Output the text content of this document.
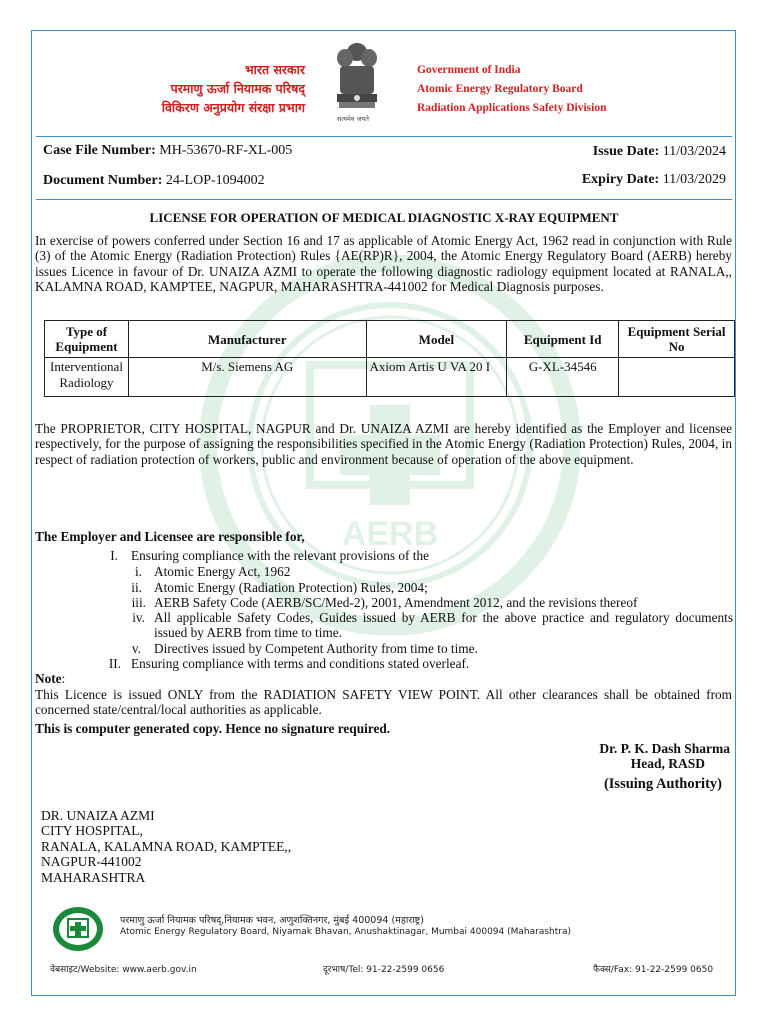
AERB
भारत सरकार
परमाणु ऊर्जा नियामक परिषद्
विकिरण अनुप्रयोग संरक्षा प्रभाग
सत्यमेव जयते
Government of India
Atomic Energy Regulatory Board
Radiation Applications Safety Division
Case File Number: MH-53670-RF-XL-005	Issue Date: 11/03/2024
Document Number: 24-LOP-1094002	Expiry Date: 11/03/2029
LICENSE FOR OPERATION OF MEDICAL DIAGNOSTIC X-RAY EQUIPMENT
In exercise of powers conferred under Section 16 and 17 as applicable of Atomic Energy Act, 1962 read in conjunction with Rule (3) of the Atomic Energy (Radiation Protection) Rules {AE(RP)R}, 2004, the Atomic Energy Regulatory Board (AERB) hereby issues Licence in favour of Dr. UNAIZA AZMI to operate the following diagnostic radiology equipment located at RANALA,, KALAMNA ROAD, KAMPTEE, NAGPUR, MAHARASHTRA-441002 for Medical Diagnosis purposes.
Type of Equipment	Manufacturer	Model	Equipment Id	Equipment Serial No
Interventional Radiology	M/s. Siemens AG	Axiom Artis U VA 20 I	G-XL-34546	
The PROPRIETOR, CITY HOSPITAL, NAGPUR and Dr. UNAIZA AZMI are hereby identified as the Employer and licensee respectively, for the purpose of assigning the responsibilities specified in the Atomic Energy (Radiation Protection) Rules, 2004, in respect of radiation protection of workers, public and environment because of operation of the above equipment.
The Employer and Licensee are responsible for,
I. Ensuring compliance with the relevant provisions of the
i. Atomic Energy Act, 1962
ii. Atomic Energy (Radiation Protection) Rules, 2004;
iii. AERB Safety Code (AERB/SC/Med-2), 2001, Amendment 2012, and the revisions thereof
iv. All applicable Safety Codes, Guides issued by AERB for the above practice and regulatory documents issued by AERB from time to time.
v. Directives issued by Competent Authority from time to time.
II. Ensuring compliance with terms and conditions stated overleaf.
Note:
This Licence is issued ONLY from the RADIATION SAFETY VIEW POINT. All other clearances shall be obtained from concerned state/central/local authorities as applicable.
This is computer generated copy. Hence no signature required.
Dr. P. K. Dash Sharma
Head, RASD
(Issuing Authority)
DR. UNAIZA AZMI
CITY HOSPITAL,
RANALA, KALAMNA ROAD, KAMPTEE,,
NAGPUR-441002
MAHARASHTRA
परमाणु ऊर्जा नियामक परिषद्,नियामक भवन, अणुशक्तिनगर, मुंबई 400094 (महाराष्ट्र)
Atomic Energy Regulatory Board, Niyamak Bhavan, Anushaktinagar, Mumbai 400094 (Maharashtra)
वेबसाइट/Website: www.aerb.gov.in	दूरभाष/Tel: 91-22-2599 0656	फैक्स/Fax: 91-22-2599 0650
